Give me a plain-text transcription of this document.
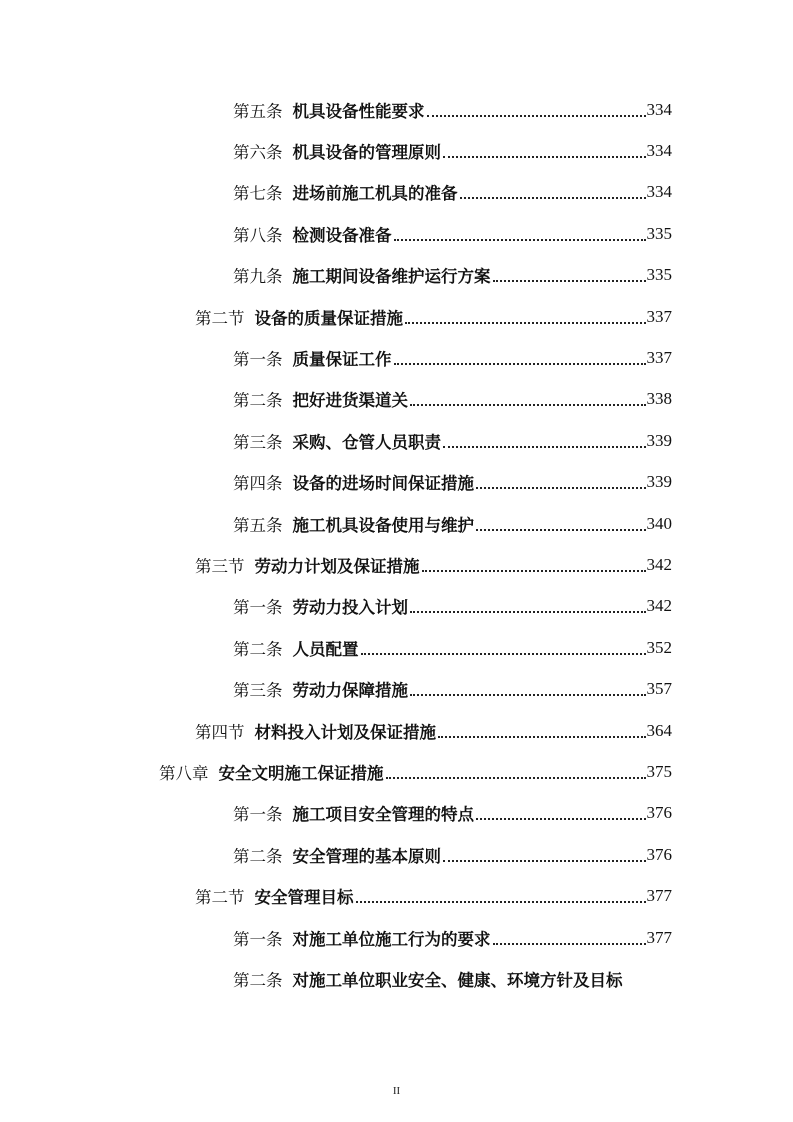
第五条 机具设备性能要求	334
第六条 机具设备的管理原则	334
第七条 进场前施工机具的准备	334
第八条 检测设备准备	335
第九条 施工期间设备维护运行方案	335
第二节 设备的质量保证措施	337
第一条 质量保证工作	337
第二条 把好进货渠道关	338
第三条 采购、仓管人员职责	339
第四条 设备的进场时间保证措施	339
第五条 施工机具设备使用与维护	340
第三节 劳动力计划及保证措施	342
第一条 劳动力投入计划	342
第二条 人员配置	352
第三条 劳动力保障措施	357
第四节 材料投入计划及保证措施	364
第八章 安全文明施工保证措施	375
第一条 施工项目安全管理的特点	376
第二条 安全管理的基本原则	376
第二节 安全管理目标	377
第一条 对施工单位施工行为的要求	377
第二条 对施工单位职业安全、健康、环境方针及目标
II
